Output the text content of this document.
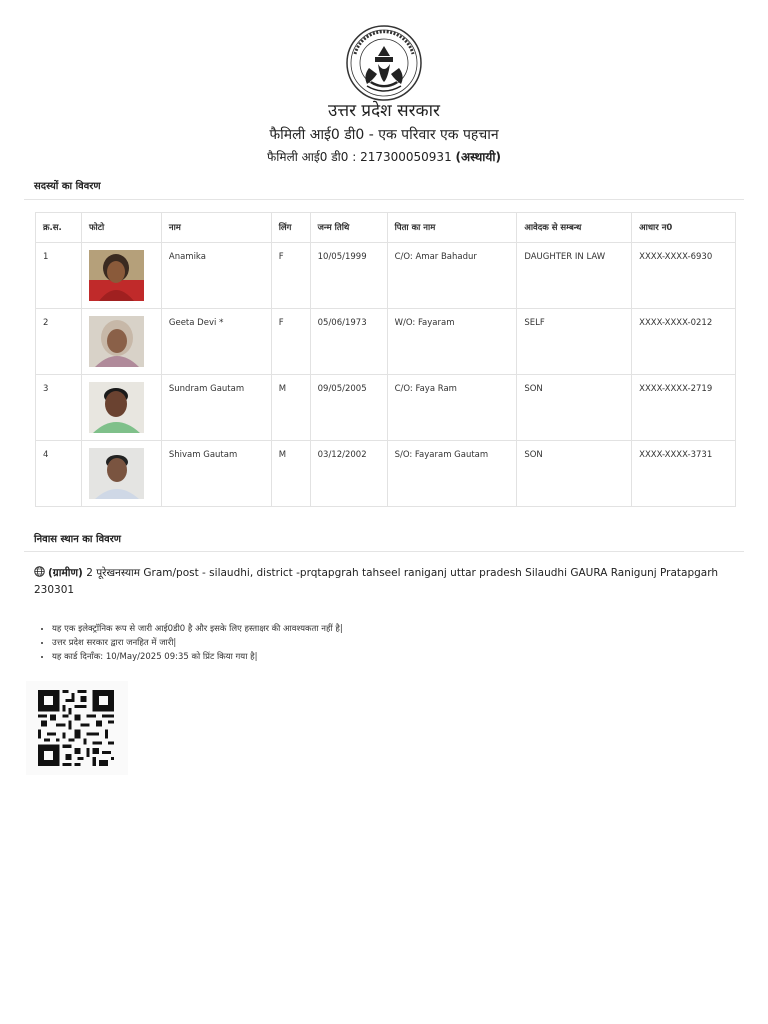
उत्तर प्रदेश सरकार
फैमिली आई0 डी0 - एक परिवार एक पहचान
फैमिली आई0 डी0 : 217300050931 (अस्थायी)
सदस्यों का विवरण
क्र.स.	फोटो	नाम	लिंग	जन्म तिथि	पिता का नाम	आवेदक से सम्बन्ध	आधार न0
1		Anamika	F	10/05/1999	C/O: Amar Bahadur	DAUGHTER IN LAW	XXXX-XXXX-6930
2		Geeta Devi *	F	05/06/1973	W/O: Fayaram	SELF	XXXX-XXXX-0212
3		Sundram Gautam	M	09/05/2005	C/O: Faya Ram	SON	XXXX-XXXX-2719
4		Shivam Gautam	M	03/12/2002	S/O: Fayaram Gautam	SON	XXXX-XXXX-3731
निवास स्थान का विवरण
(ग्रामीण) 2 पूरेखनस्याम Gram/post - silaudhi, district -prqtapgrah tahseel raniganj uttar pradesh Silaudhi GAURA Ranigunj Pratapgarh 230301
• यह एक इलेक्ट्रॉनिक रूप से जारी आई0डी0 है और इसके लिए हस्ताक्षर की आवश्यकता नहीं है|
• उत्तर प्रदेश सरकार द्वारा जनहित में जारी|
• यह कार्ड दिनाँक: 10/May/2025 09:35 को प्रिंट किया गया है|
